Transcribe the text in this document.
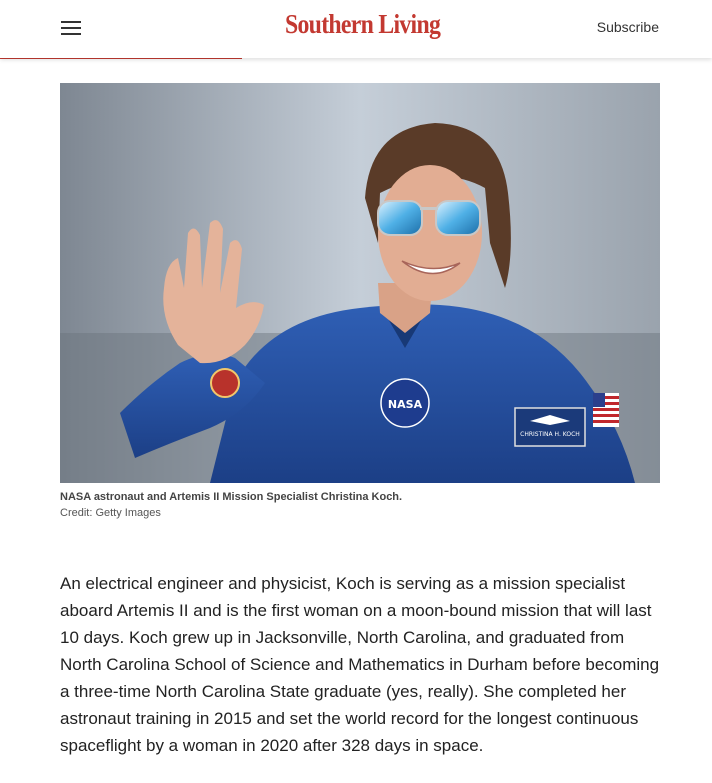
Southern Living	Subscribe
NASA
CHRISTINA H. KOCH
NASA astronaut and Artemis II Mission Specialist Christina Koch.
Credit: Getty Images

An electrical engineer and physicist, Koch is serving as a mission specialist aboard Artemis II and is the first woman on a moon-bound mission that will last 10 days. Koch grew up in Jacksonville, North Carolina, and graduated from North Carolina School of Science and Mathematics in Durham before becoming a three-time North Carolina State graduate (yes, really). She completed her astronaut training in 2015 and set the world record for the longest continuous spaceflight by a woman in 2020 after 328 days in space.
